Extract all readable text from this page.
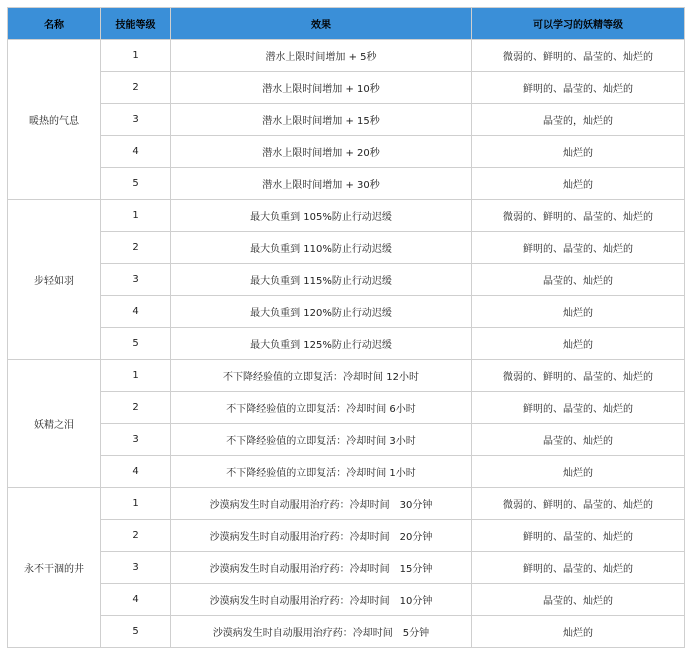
名称	技能等级	效果	可以学习的妖精等级
暖热的气息	1	潜水上限时间增加 + 5秒	微弱的、鲜明的、晶莹的、灿烂的
	2	潜水上限时间增加 + 10秒	鲜明的、晶莹的、灿烂的
	3	潜水上限时间增加 + 15秒	晶莹的，灿烂的
	4	潜水上限时间增加 + 20秒	灿烂的
	5	潜水上限时间增加 + 30秒	灿烂的
步轻如羽	1	最大负重到 105%防止行动迟缓	微弱的、鲜明的、晶莹的、灿烂的
	2	最大负重到 110%防止行动迟缓	鲜明的、晶莹的、灿烂的
	3	最大负重到 115%防止行动迟缓	晶莹的、灿烂的
	4	最大负重到 120%防止行动迟缓	灿烂的
	5	最大负重到 125%防止行动迟缓	灿烂的
妖精之泪	1	不下降经验值的立即复活：冷却时间 12小时	微弱的、鲜明的、晶莹的、灿烂的
	2	不下降经验值的立即复活：冷却时间 6小时	鲜明的、晶莹的、灿烂的
	3	不下降经验值的立即复活：冷却时间 3小时	晶莹的、灿烂的
	4	不下降经验值的立即复活：冷却时间 1小时	灿烂的
永不干涸的井	1	沙漠病发生时自动服用治疗药：冷却时间　30分钟	微弱的、鲜明的、晶莹的、灿烂的
	2	沙漠病发生时自动服用治疗药：冷却时间　20分钟	鲜明的、晶莹的、灿烂的
	3	沙漠病发生时自动服用治疗药：冷却时间　15分钟	鲜明的、晶莹的、灿烂的
	4	沙漠病发生时自动服用治疗药：冷却时间　10分钟	晶莹的、灿烂的
	5	沙漠病发生时自动服用治疗药：冷却时间　5分钟	灿烂的
